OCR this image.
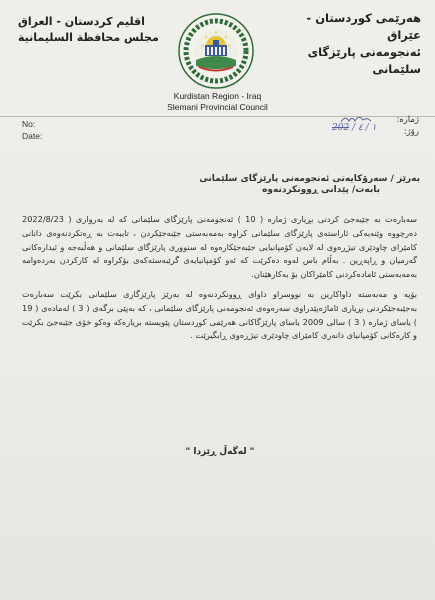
هەرێمی کوردستان - عێراق
ئەنجومەنی پارێزگای سلێمانی
اقليم كردستان - العراق
مجلس محافظة السليمانية
Kurdistan Region - Iraq
Slemani Provincial Council
No:
Date:
ژمارە:
رۆژ:
202 / ١ / ٤
بەرێز / سەرۆکایەتی ئەنجومەنی پارێزگای سلێمانی
بابەت/ پێدانی ڕوونکردنەوە

سەبارەت بە جێبەجێ کردنی بڕیاری ژمارە ( 10 ) ئەنجومەنی پارێزگای سلێمانی کە لە بەرواری ( 2022/8/23 دەرچووە وێنەیەکی ئاراستەی پارێزگای سلێمانی کراوە بەمەبەستی جێبەجێکردن ، تایبەت بە ڕەتکردنەوەی دانانی کامێرای چاودێری تیژڕەوی لە لایەن کۆمپانیایی جێبەجێکارەوە لە سنووری پارێزگای سلێمانی و هەڵبەجە و ئیدارەکانی گەرمیان و ڕاپەڕین . بەڵام باس لەوە دەکرێت کە ئەو کۆمپانیایەی گرێبەستەکەی بۆکراوە لە کارکردن بەردەوامە بەمەبەستی ئامادەکردنی کامێراکان بۆ بەکارهێنان.

بۆیە و مەبەسته داواکارین بە نووسراو داوای ڕوونکردنەوە لە بەرێز پارێزگاری سلێمانی بکرێت سەبارەت بەجێبەجێکردنی بڕیاری ئاماژەپێدراوی سەرەوەی ئەنجومەنی پارێزگای سلێمانی ، کە بەپێی برگەی ( 3 ) لەمادەی ( 19 ) یاسای ژمارە ( 3 ) سالی 2009 یاسای پارێزگاکانی هەرێمی کوردستان پێویستە بریارەکە وەکو خۆی جێبەجێ بکرێت و کارەکانی کۆمپانیای دانەری کامێرای چاودێری تیژڕەوی ڕابگیرێت .

" لەگەڵ ڕێزدا "
